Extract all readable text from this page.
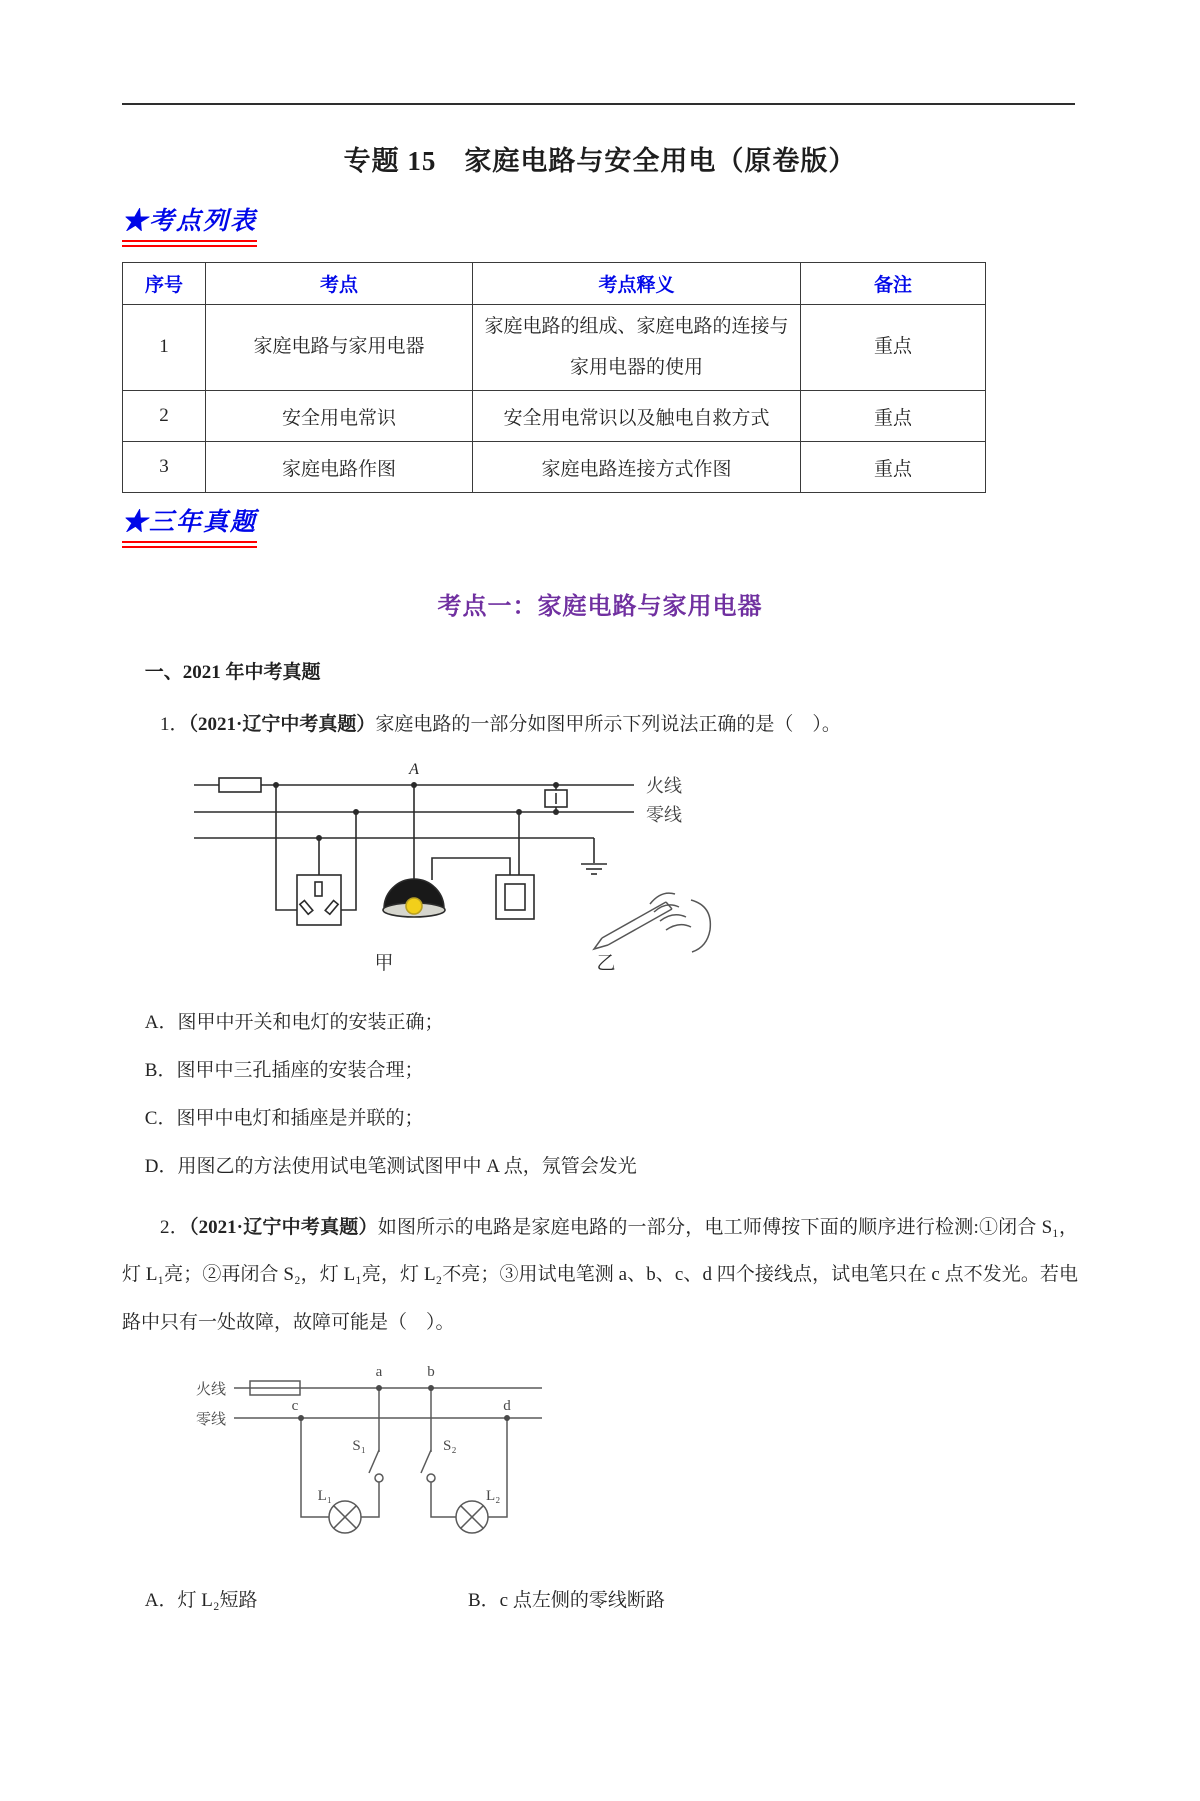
专题 15　家庭电路与安全用电（原卷版）
★考点列表
序号	考点	考点释义	备注
1	家庭电路与家用电器	家庭电路的组成、家庭电路的连接与家用电器的使用	重点
2	安全用电常识	安全用电常识以及触电自救方式	重点
3	家庭电路作图	家庭电路连接方式作图	重点
★三年真题
考点一：家庭电路与家用电器

一、2021 年中考真题

1．（2021·辽宁中考真题）家庭电路的一部分如图甲所示下列说法正确的是（　）。

A
火线
零线
甲	乙

A．图甲中开关和电灯的安装正确；

B．图甲中三孔插座的安装合理；

C．图甲中电灯和插座是并联的；

D．用图乙的方法使用试电笔测试图甲中 A 点，氖管会发光

2．（2021·辽宁中考真题）如图所示的电路是家庭电路的一部分，电工师傅按下面的顺序进行检测:①闭合 S₁，灯 L₁亮；②再闭合 S₂，灯 L₁亮，灯 L₂不亮；③用试电笔测 a、b、c、d 四个接线点，试电笔只在 c 点不发光。若电路中只有一处故障，故障可能是（　）。

火线
零线
a	b
c	d
S₁	S₂
L₁	L₂

A．灯 L₂短路	B．c 点左侧的零线断路
